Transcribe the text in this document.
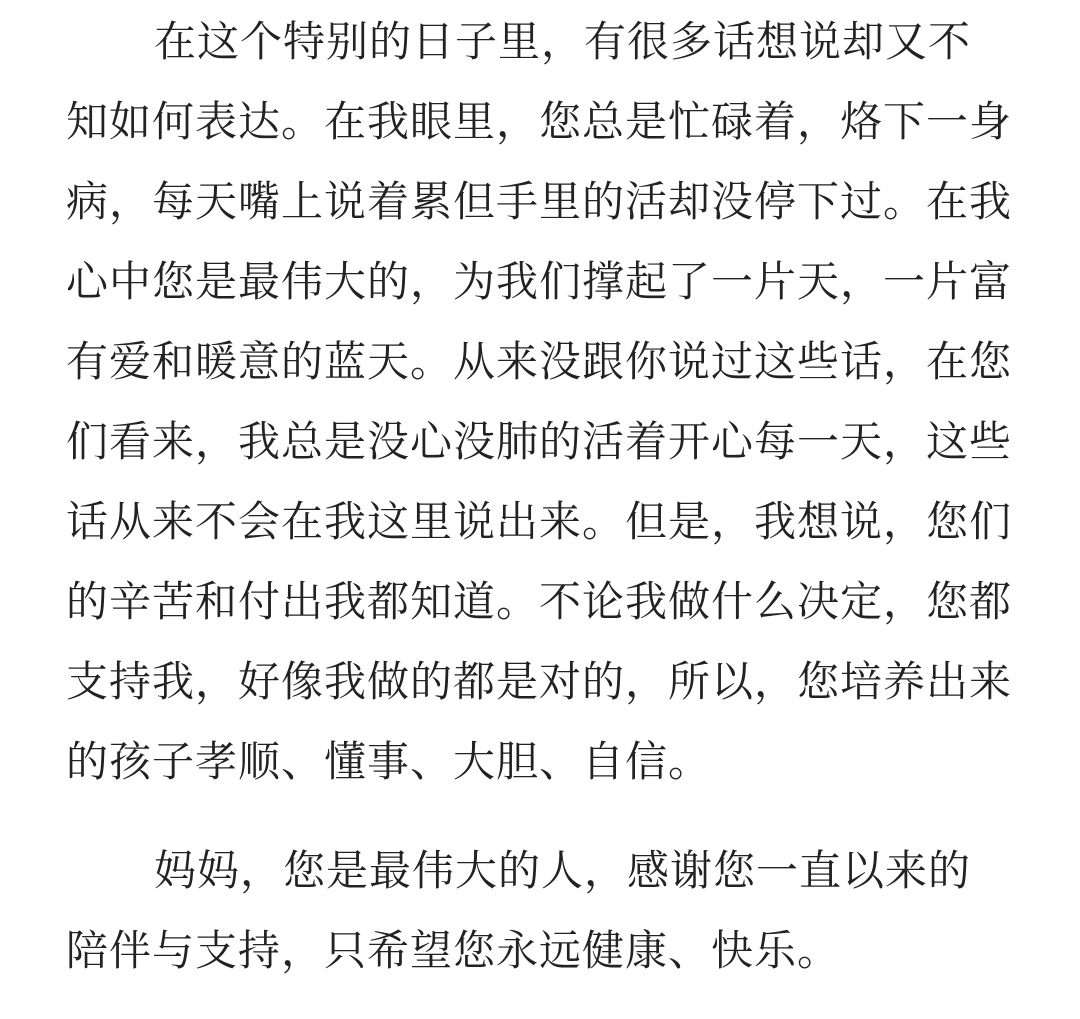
在这个特别的日子里，有很多话想说却又不
知如何表达。在我眼里，您总是忙碌着，烙下一身
病，每天嘴上说着累但手里的活却没停下过。在我
心中您是最伟大的，为我们撑起了一片天，一片富
有爱和暖意的蓝天。从来没跟你说过这些话，在您
们看来，我总是没心没肺的活着开心每一天，这些
话从来不会在我这里说出来。但是，我想说，您们
的辛苦和付出我都知道。不论我做什么决定，您都
支持我，好像我做的都是对的，所以，您培养出来
的孩子孝顺、懂事、大胆、自信。

妈妈，您是最伟大的人，感谢您一直以来的
陪伴与支持，只希望您永远健康、快乐。
